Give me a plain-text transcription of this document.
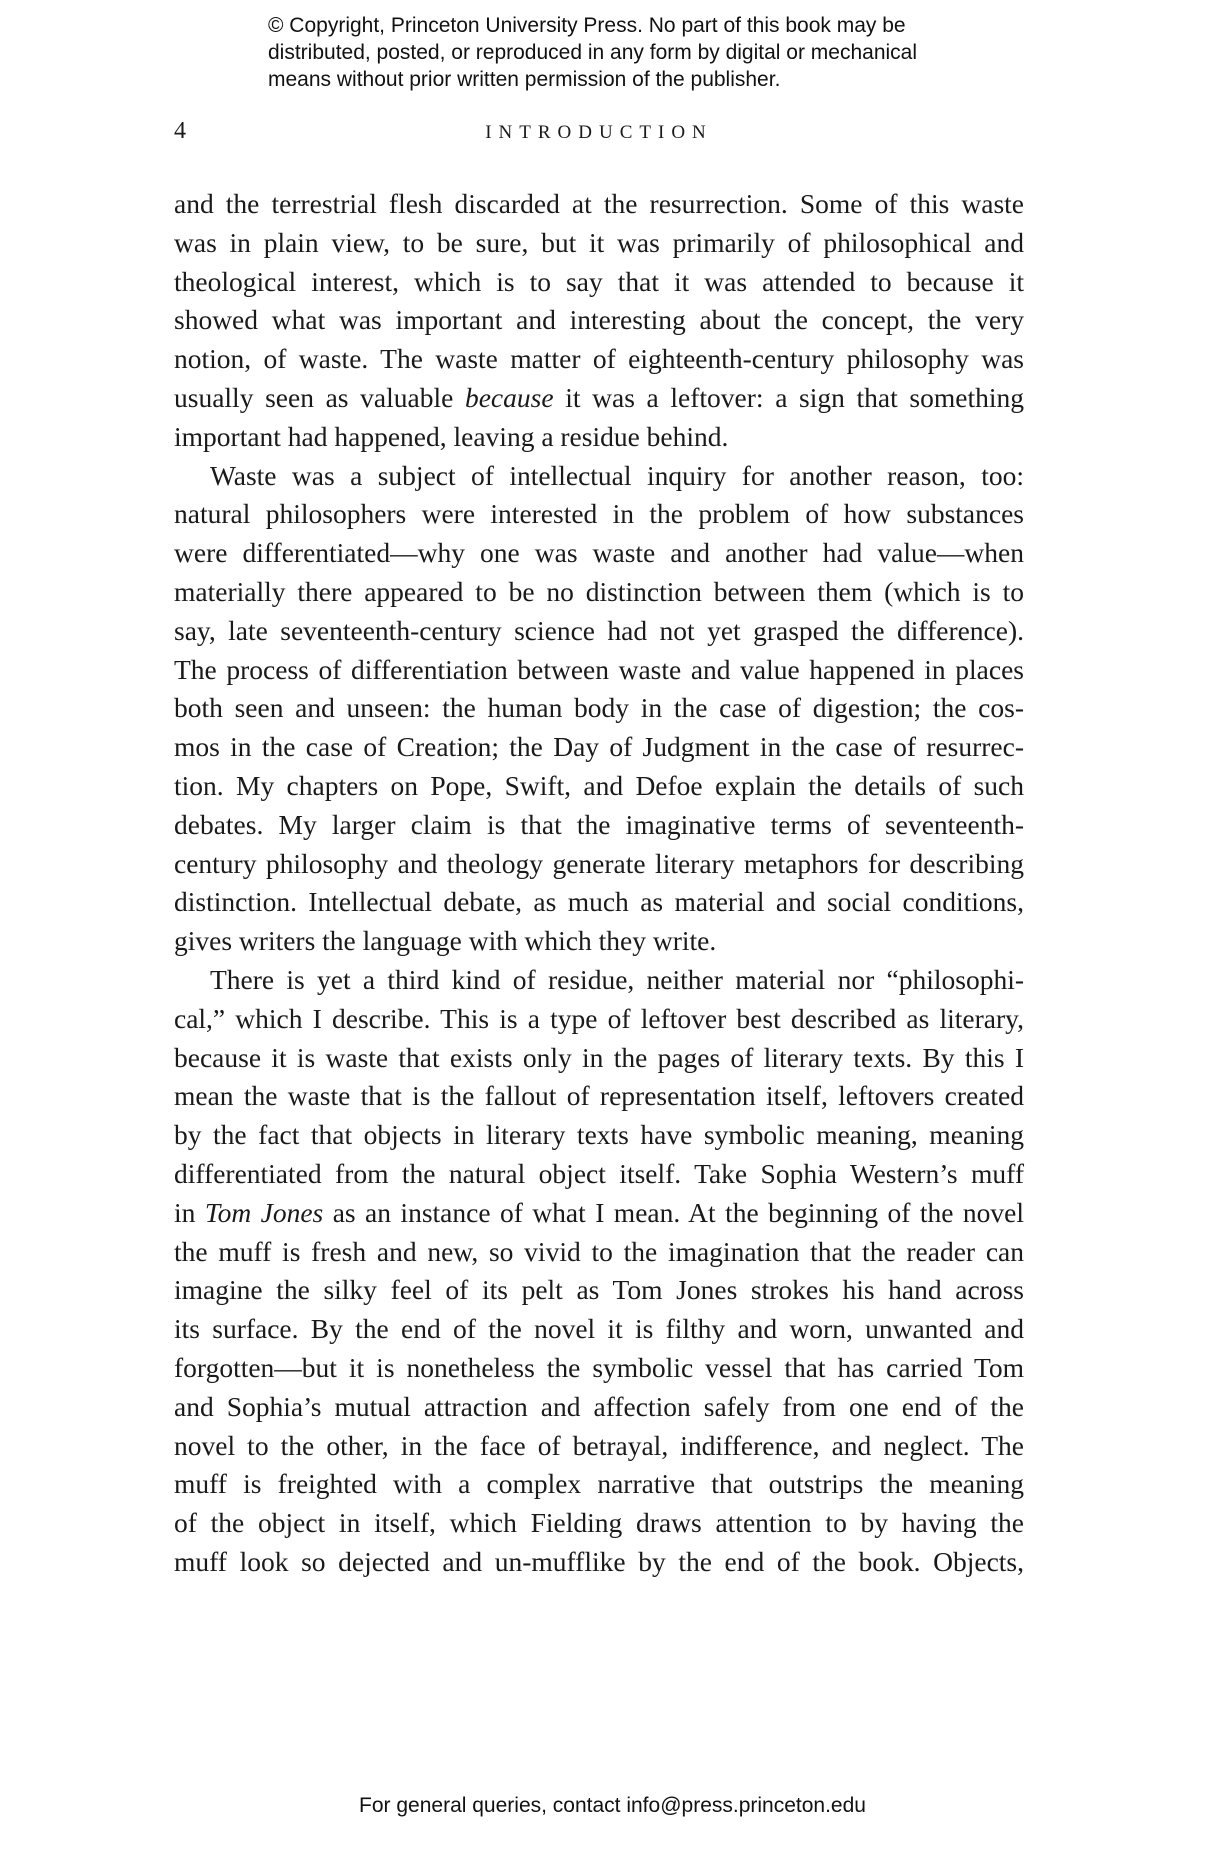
© Copyright, Princeton University Press. No part of this book may be
distributed, posted, or reproduced in any form by digital or mechanical
means without prior written permission of the publisher.
4	INTRODUCTION
and the terrestrial flesh discarded at the resurrection. Some of this waste
was in plain view, to be sure, but it was primarily of philosophical and
theological interest, which is to say that it was attended to because it
showed what was important and interesting about the concept, the very
notion, of waste. The waste matter of eighteenth-century philosophy was
usually seen as valuable because it was a leftover: a sign that something
important had happened, leaving a residue behind.
Waste was a subject of intellectual inquiry for another reason, too:
natural philosophers were interested in the problem of how substances
were differentiated—why one was waste and another had value—when
materially there appeared to be no distinction between them (which is to
say, late seventeenth-century science had not yet grasped the difference).
The process of differentiation between waste and value happened in places
both seen and unseen: the human body in the case of digestion; the cos-
mos in the case of Creation; the Day of Judgment in the case of resurrec-
tion. My chapters on Pope, Swift, and Defoe explain the details of such
debates. My larger claim is that the imaginative terms of seventeenth-
century philosophy and theology generate literary metaphors for describing
distinction. Intellectual debate, as much as material and social conditions,
gives writers the language with which they write.
There is yet a third kind of residue, neither material nor “philosophi-
cal,” which I describe. This is a type of leftover best described as literary,
because it is waste that exists only in the pages of literary texts. By this I
mean the waste that is the fallout of representation itself, leftovers created
by the fact that objects in literary texts have symbolic meaning, meaning
differentiated from the natural object itself. Take Sophia Western’s muff
in Tom Jones as an instance of what I mean. At the beginning of the novel
the muff is fresh and new, so vivid to the imagination that the reader can
imagine the silky feel of its pelt as Tom Jones strokes his hand across
its surface. By the end of the novel it is filthy and worn, unwanted and
forgotten—but it is nonetheless the symbolic vessel that has carried Tom
and Sophia’s mutual attraction and affection safely from one end of the
novel to the other, in the face of betrayal, indifference, and neglect. The
muff is freighted with a complex narrative that outstrips the meaning
of the object in itself, which Fielding draws attention to by having the
muff look so dejected and un-mufflike by the end of the book. Objects,
For general queries, contact info@press.princeton.edu
